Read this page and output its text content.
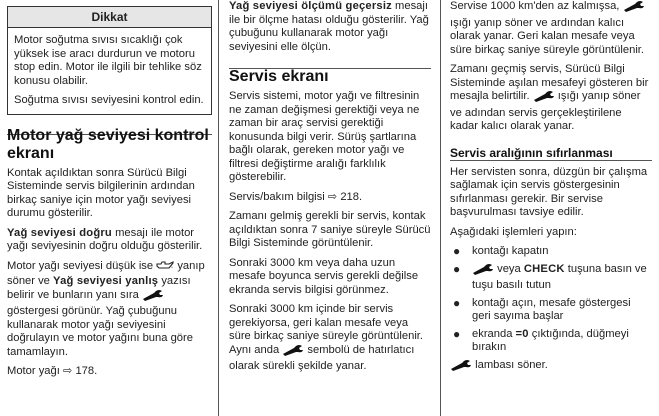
Dikkat

Motor soğutma sıvısı sıcaklığı çok yüksek ise aracı durdurun ve motoru stop edin. Motor ile ilgili bir tehlike söz konusu olabilir.

Soğutma sıvısı seviyesini kontrol edin.

Motor yağ seviyesi kontrol ekranı

Kontak açıldıktan sonra Sürücü Bilgi Sisteminde servis bilgilerinin ardından birkaç saniye için motor yağı seviyesi durumu gösterilir.

Yağ seviyesi doğru mesajı ile motor yağı seviyesinin doğru olduğu gösterilir.

Motor yağı seviyesi düşük ise  yanıp söner ve Yağ seviyesi yanlış yazısı belirir ve bunların yanı sıra  göstergesi görünür. Yağ çubuğunu kullanarak motor yağı seviyesini doğrulayın ve motor yağını buna göre tamamlayın.

Motor yağı ⇨ 178.

Yağ seviyesi ölçümü geçersiz mesajı ile bir ölçme hatası olduğu gösterilir. Yağ çubuğunu kullanarak motor yağı seviyesini elle ölçün.

Servis ekranı

Servis sistemi, motor yağı ve filtresinin ne zaman değişmesi gerektiği veya ne zaman bir araç servisi gerektiği konusunda bilgi verir. Sürüş şartlarına bağlı olarak, gereken motor yağı ve filtresi değiştirme aralığı farklılık gösterebilir.

Servis/bakım bilgisi ⇨ 218.

Zamanı gelmiş gerekli bir servis, kontak açıldıktan sonra 7 saniye süreyle Sürücü Bilgi Sisteminde görüntülenir.

Sonraki 3000 km veya daha uzun mesafe boyunca servis gerekli değilse ekranda servis bilgisi görünmez.

Sonraki 3000 km içinde bir servis gerekiyorsa, geri kalan mesafe veya süre birkaç saniye süreyle görüntülenir. Aynı anda  sembolü de hatırlatıcı olarak sürekli şekilde yanar.

Servise 1000 km'den az kalmışsa,  ışığı yanıp söner ve ardından kalıcı olarak yanar. Geri kalan mesafe veya süre birkaç saniye süreyle görüntülenir.

Zamanı geçmiş servis, Sürücü Bilgi Sisteminde aşılan mesafeyi gösteren bir mesajla belirtilir.  ışığı yanıp söner ve adından servis gerçekleştirilene kadar kalıcı olarak yanar.

Servis aralığının sıfırlanması

Her servisten sonra, düzgün bir çalışma sağlamak için servis göstergesinin sıfırlanması gerekir. Bir servise başvurulması tavsiye edilir.

Aşağıdaki işlemleri yapın:

● kontağı kapatın
●	veya CHECK tuşuna basın ve tuşu basılı tutun
● kontağı açın, mesafe göstergesi geri sayıma başlar
● ekranda =0 çıktığında, düğmeyi bırakın

lambası söner.
